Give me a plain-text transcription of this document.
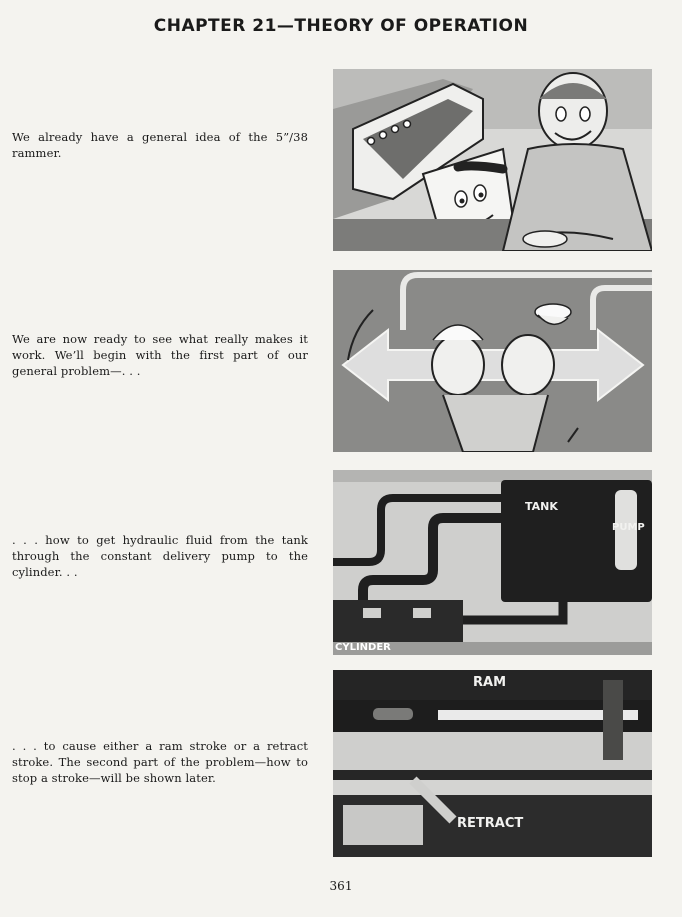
CHAPTER 21—THEORY OF OPERATION
We already have a general idea of the 5”/38 rammer.
We are now ready to see what really makes it work. We’ll begin with the first part of our general problem—. . .
. . . how to get hydraulic fluid from the tank through the constant delivery pump to the cylinder. . .
. . . to cause either a ram stroke or a retract stroke. The second part of the problem—how to stop a stroke—will be shown later.
TANK
PUMP
CYLINDER
RAM
RETRACT
361
